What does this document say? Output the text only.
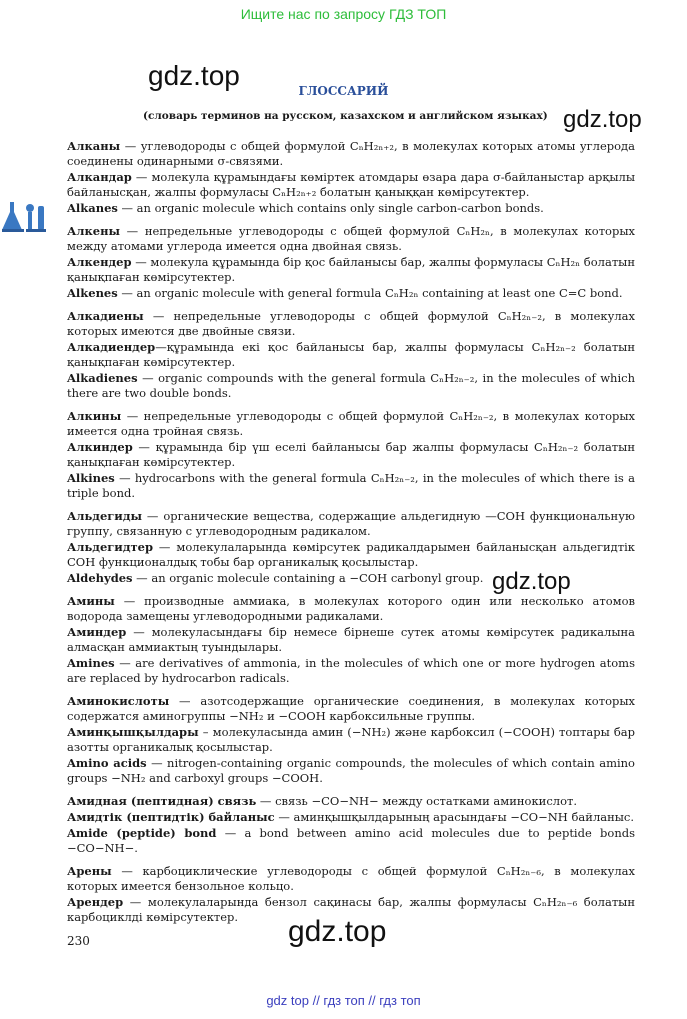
Ищите нас по запросу ГДЗ ТОП
gdz.top
gdz.top
gdz.top
gdz.top
ГЛОССАРИЙ
(словарь терминов на русском, казахском и английском языках)
Алканы — углеводороды с общей формулой CₙH₂ₙ₊₂, в молекулах которых атомы углерода соединены одинарными σ-связями.
Алкандар — молекула құрамындағы көміртек атомдары өзара дара σ-байланыстар арқылы байланысқан, жалпы формуласы CₙH₂ₙ₊₂ болатын қаныққан көмірсутектер.
Alkanes — an organic molecule which contains only single carbon-carbon bonds.
Алкены — непредельные углеводороды с общей формулой CₙH₂ₙ, в молекулах которых между атомами углерода имеется одна двойная связь.
Алкендер — молекула құрамында бір қос байланысы бар, жалпы формуласы CₙH₂ₙ болатын қанықпаған көмірсутектер.
Alkenes — an organic molecule with general formula CₙH₂ₙ containing at least one C=C bond.
Алкадиены — непредельные углеводороды с общей формулой CₙH₂ₙ₋₂, в молекулах которых имеются две двойные связи.
Алкадиендер—құрамында екі қос байланысы бар, жалпы формуласы CₙH₂ₙ₋₂ болатын қанықпаған көмірсутектер.
Alkadienes — organic compounds with the general formula CₙH₂ₙ₋₂, in the molecules of which there are two double bonds.
Алкины — непредельные углеводороды с общей формулой CₙH₂ₙ₋₂, в молекулах которых имеется одна тройная связь.
Алкиндер — құрамында бір үш еселі байланысы бар жалпы формуласы CₙH₂ₙ₋₂ болатын қанықпаған көмірсутектер.
Alkines — hydrocarbons with the general formula CₙH₂ₙ₋₂, in the molecules of which there is a triple bond.
Альдегиды — органические вещества, содержащие альдегидную —СОН функциональную группу, связанную с углеводородным радикалом.
Альдегидтер — молекулаларында көмірсутек радикалдарымен байланысқан альдегидтік СОН функционалдық тобы бар органикалық қосылыстар.
Aldehydes — an organic molecule containing a −COH carbonyl group.
Амины — производные аммиака, в молекулах которого один или несколько атомов водорода замещены углеводородными радикалами.
Аминдер — молекуласындағы бір немесе бірнеше сутек атомы көмірсутек радикалына алмасқан аммиактың туындылары.
Amines — are derivatives of ammonia, in the molecules of which one or more hydrogen atoms are replaced by hydrocarbon radicals.
Аминокислоты — азотсодержащие органические соединения, в молекулах которых содержатся аминогруппы −NH₂ и −COOH карбоксильные группы.
Аминқышқылдары – молекуласында амин (−NH₂) және карбоксил (−COOH) топтары бар азотты органикалық қосылыстар.
Amino acids — nitrogen-containing organic compounds, the molecules of which contain amino groups −NH₂ and carboxyl groups −COOH.
Амидная (пептидная) связь — связь −CO−NH− между остатками аминокислот.
Амидтік (пептидтік) байланыс — аминқышқылдарының арасындағы −CO−NH байланыс.
Amide (peptide) bond — a bond between amino acid molecules due to peptide bonds −CO−NH−.
Арены — карбоциклические углеводороды с общей формулой CₙH₂ₙ₋₆, в молекулах которых имеется бензольное кольцо.
Арендер — молекулаларында бензол сақинасы бар, жалпы формуласы CₙH₂ₙ₋₆ болатын карбоциклді көмірсутектер.
230
gdz top // гдз топ // гдз топ
